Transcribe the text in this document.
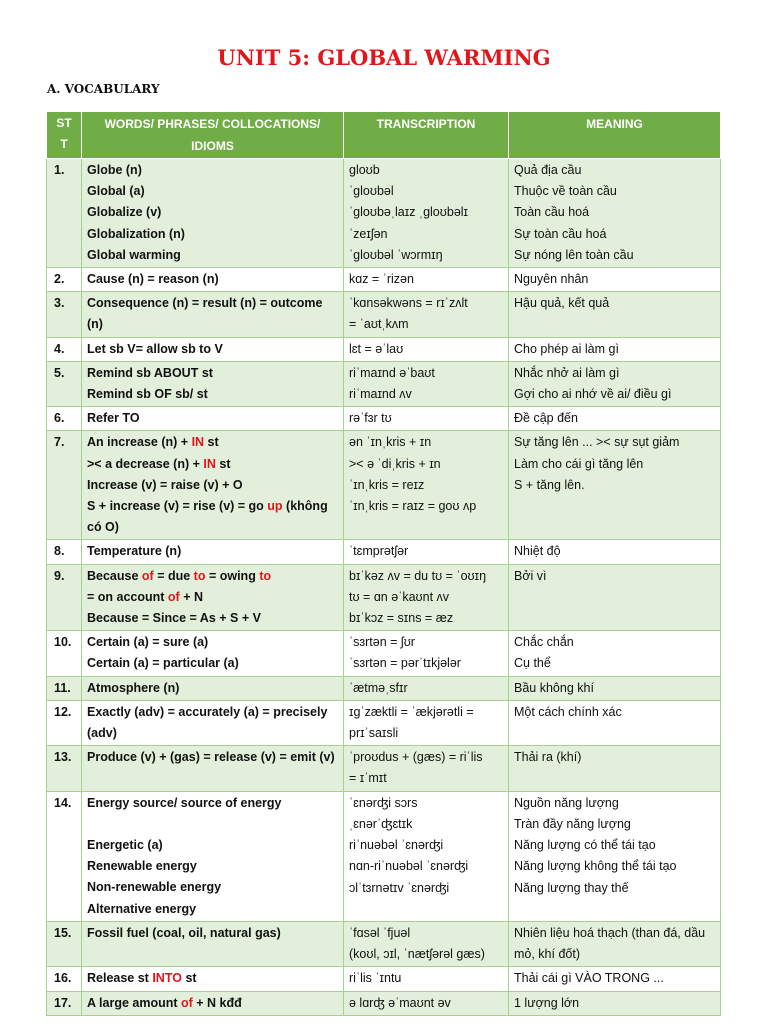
UNIT 5: GLOBAL WARMING
A. VOCABULARY
ST
T	WORDS/ PHRASES/ COLLOCATIONS/
IDIOMS	TRANSCRIPTION	MEANING
1.	Globe (n)
Global (a)
Globalize (v)
Globalization (n)
Global warming	gloʊb
ˈgloʊbəl
ˈgloʊbəˌlaɪz ˌgloʊbəlɪ
ˈzeɪʃən
ˈgloʊbəl ˈwɔrmɪŋ	Quả địa cầu
Thuộc về toàn cầu
Toàn cầu hoá
Sự toàn cầu hoá
Sự nóng lên toàn cầu

2.	Cause (n) = reason (n)	kɑz = ˈrizən	Nguyên nhân

3.	Consequence (n) = result (n) = outcome (n)	ˈkɑnsəkwəns = rɪˈzʌlt
= ˈaʊtˌkʌm	Hậu quả, kết quả

4.	Let sb V= allow sb to V	lɛt = əˈlaʊ	Cho phép ai làm gì

5.	Remind sb ABOUT st
Remind sb OF sb/ st	riˈmaɪnd əˈbaʊt
riˈmaɪnd ʌv	Nhắc nhở ai làm gì
Gợi cho ai nhớ về ai/ điều gì

6.	Refer TO	rəˈfɜr tʊ	Đề cập đến

7.	An increase (n) + IN st
>< a decrease (n) + IN st
Increase (v) = raise (v) + O
S + increase (v) = rise (v) = go up (không có O)	ən ˈɪnˌkris + ɪn
>< ə ˈdiˌkris + ɪn
ˈɪnˌkris = reɪz
ˈɪnˌkris = raɪz = goʊ ʌp	Sự tăng lên ... >< sự sụt giảm
Làm cho cái gì tăng lên
S + tăng lên.

8.	Temperature (n)	ˈtɛmprətʃər	Nhiệt độ

9.	Because of = due to = owing to
= on account of + N
Because = Since = As + S + V	bɪˈkəz ʌv = du tʊ = ˈoʊɪŋ
tʊ = ɑn əˈkaʊnt ʌv
bɪˈkɔz = sɪns = æz	Bởi vì

10.	Certain (a) = sure (a)
Certain (a) = particular (a)	ˈsɜrtən = ʃʊr
ˈsɜrtən = pərˈtɪkjələr	Chắc chắn
Cụ thể

11.	Atmosphere (n)	ˈætməˌsfɪr	Bầu không khí

12.	Exactly (adv) = accurately (a) = precisely (adv)	ɪgˈzæktli = ˈækjərətli =
prɪˈsaɪsli	Một cách chính xác

13.	Produce (v) + (gas) = release (v) = emit (v)	ˈproʊdus + (gæs) = riˈlis
= ɪˈmɪt	Thải ra (khí)

14.	Energy source/ source of energy
Energetic (a)
Renewable energy
Non-renewable energy
Alternative energy	ˈɛnərʤi sɔrs
ˌɛnərˈʤɛtɪk
riˈnuəbəl ˈɛnərʤi
nɑn-riˈnuəbəl ˈɛnərʤi
ɔlˈtɜrnətɪv ˈɛnərʤi	Nguồn năng lượng
Tràn đầy năng lượng
Năng lượng có thể tái tạo
Năng lượng không thể tái tạo
Năng lượng thay thế

15.	Fossil fuel (coal, oil, natural gas)	ˈfɑsəl ˈfjuəl
(koʊl, ɔɪl, ˈnætʃərəl gæs)	Nhiên liệu hoá thạch (than đá, dầu mỏ, khí đốt)

16.	Release st INTO st	riˈlis ˈɪntu	Thải cái gì VÀO TRONG ...

17.	A large amount of + N kđđ	ə lɑrʤ əˈmaʊnt əv	1 lượng lớn
